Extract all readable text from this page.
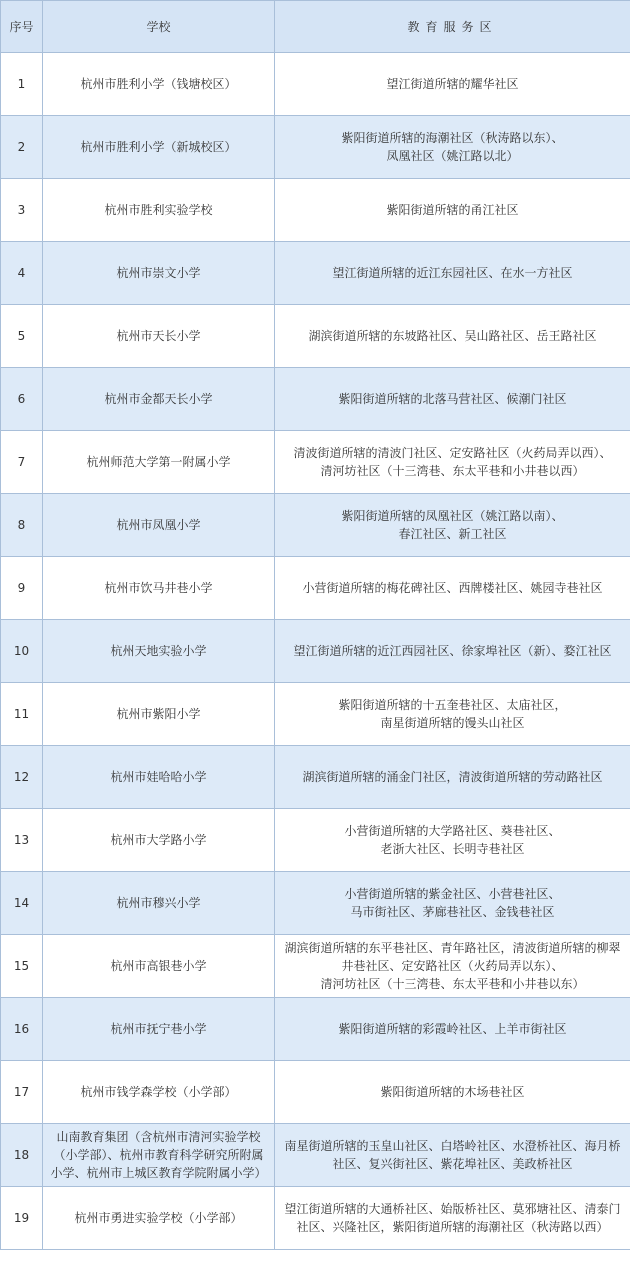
序号	学校	教育服务区
1	杭州市胜利小学（钱塘校区）	望江街道所辖的耀华社区

2	杭州市胜利小学（新城校区）	紫阳街道所辖的海潮社区（秋涛路以东）、
凤凰社区（姚江路以北）

3	杭州市胜利实验学校	紫阳街道所辖的甬江社区

4	杭州市崇文小学	望江街道所辖的近江东园社区、在水一方社区

5	杭州市天长小学	湖滨街道所辖的东坡路社区、吴山路社区、岳王路社区

6	杭州市金都天长小学	紫阳街道所辖的北落马营社区、候潮门社区

7	杭州师范大学第一附属小学	清波街道所辖的清波门社区、定安路社区（火药局弄以西）、
清河坊社区（十三湾巷、东太平巷和小井巷以西）

8	杭州市凤凰小学	紫阳街道所辖的凤凰社区（姚江路以南）、
春江社区、新工社区

9	杭州市饮马井巷小学	小营街道所辖的梅花碑社区、西牌楼社区、姚园寺巷社区

10	杭州天地实验小学	望江街道所辖的近江西园社区、徐家埠社区（新）、婺江社区

11	杭州市紫阳小学	紫阳街道所辖的十五奎巷社区、太庙社区，
南星街道所辖的馒头山社区

12	杭州市娃哈哈小学	湖滨街道所辖的涌金门社区，清波街道所辖的劳动路社区

13	杭州市大学路小学	小营街道所辖的大学路社区、葵巷社区、
老浙大社区、长明寺巷社区

14	杭州市穆兴小学	小营街道所辖的紫金社区、小营巷社区、
马市街社区、茅廊巷社区、金钱巷社区

15	杭州市高银巷小学	湖滨街道所辖的东平巷社区、青年路社区，清波街道所辖的柳翠
井巷社区、定安路社区（火药局弄以东）、
清河坊社区（十三湾巷、东太平巷和小井巷以东）

16	杭州市抚宁巷小学	紫阳街道所辖的彩霞岭社区、上羊市街社区

17	杭州市钱学森学校（小学部）	紫阳街道所辖的木场巷社区

18	山南教育集团（含杭州市清河实验学校
（小学部）、杭州市教育科学研究所附属
小学、杭州市上城区教育学院附属小学）	南星街道所辖的玉皇山社区、白塔岭社区、水澄桥社区、海月桥
社区、复兴街社区、紫花埠社区、美政桥社区

19	杭州市勇进实验学校（小学部）	望江街道所辖的大通桥社区、始版桥社区、莫邪塘社区、清泰门
社区、兴隆社区，紫阳街道所辖的海潮社区（秋涛路以西）
